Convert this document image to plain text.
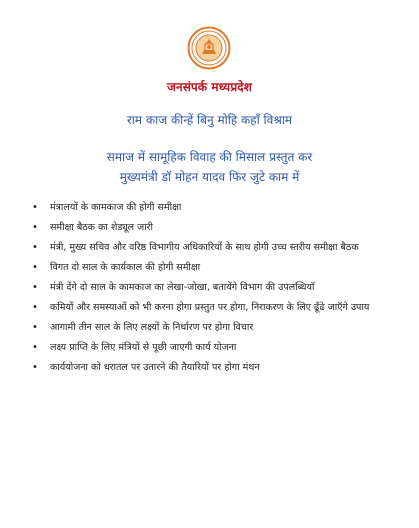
जनसंपर्क मध्यप्रदेश
राम काज कीन्हें बिनु मोहि कहाँ विश्राम
समाज में सामूहिक विवाह की मिसाल प्रस्तुत कर
मुख्यमंत्री डॉ मोहन यादव फिर जुटे काम में
• मंत्रालयों के कामकाज की होगी समीक्षा
• समीक्षा बैठक का शेड्यूल जारी
• मंत्री, मुख्य सचिव और वरिष्ठ विभागीय अधिकारियों के साथ होगी उच्च स्तरीय समीक्षा बैठक
• विगत दो साल के कार्यकाल की होगी समीक्षा
• मंत्री देंगे दो साल के कामकाज का लेखा-जोखा, बतायेंगे विभाग की उपलब्धियाँ
• कमियों और समस्याओं को भी करना होगा प्रस्तुत पर होगा, निराकरण के लिए ढूँढे जाएँगे उपाय
• आगामी तीन साल के लिए लक्ष्यों के निर्धारण पर होगा विचार
• लक्ष्य प्राप्ति के लिए मंत्रियों से पूछी जाएगी कार्य योजना
• कार्ययोजना को धरातल पर उतारने की तैयारियों पर होगा मंथन
